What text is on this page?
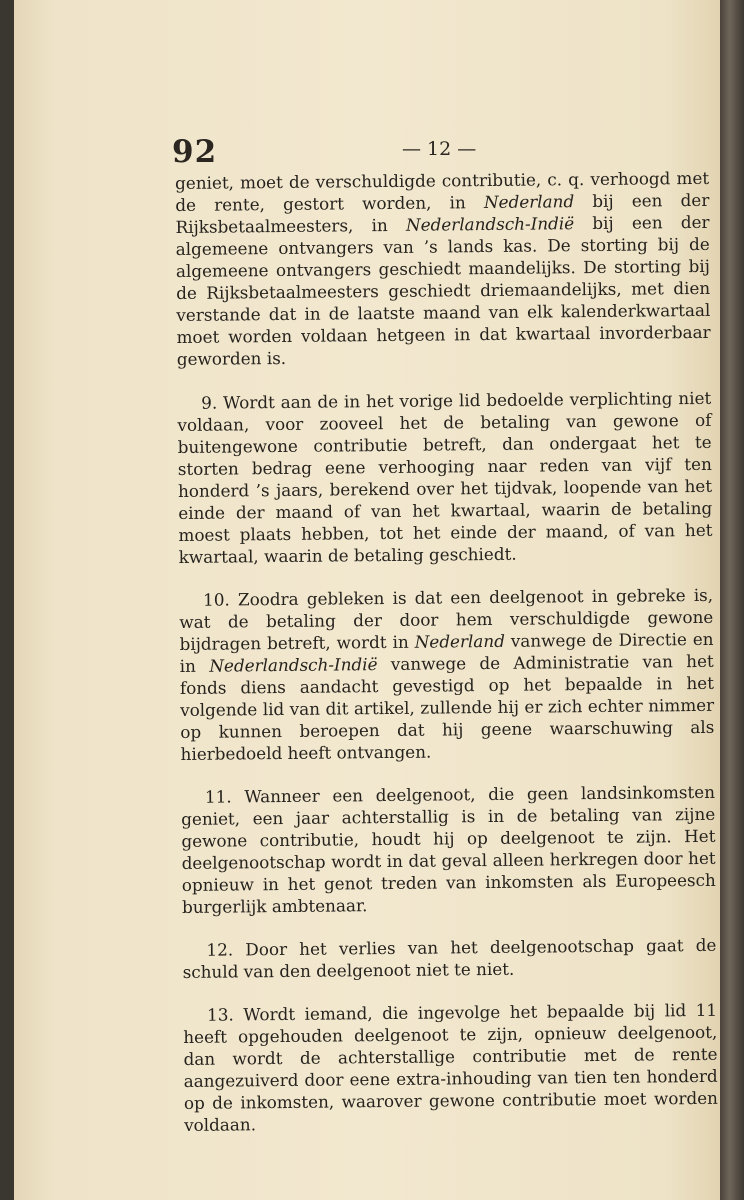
92	— 12 —

geniet, moet de verschuldigde contributie, c. q. verhoogd met de rente, gestort worden, in Nederland bij een der Rijksbetaalmeesters, in Nederlandsch-Indië bij een der algemeene ontvangers van ’s lands kas. De storting bij de algemeene ontvangers geschiedt maandelijks. De storting bij de Rijksbetaalmeesters geschiedt driemaandelijks, met dien verstande dat in de laatste maand van elk kalenderkwartaal moet worden voldaan hetgeen in dat kwartaal invorderbaar geworden is.

9. Wordt aan de in het vorige lid bedoelde verplichting niet voldaan, voor zooveel het de betaling van gewone of buitengewone contributie betreft, dan ondergaat het te storten bedrag eene verhooging naar reden van vijf ten honderd ’s jaars, berekend over het tijdvak, loopende van het einde der maand of van het kwartaal, waarin de betaling moest plaats hebben, tot het einde der maand, of van het kwartaal, waarin de betaling geschiedt.

10. Zoodra gebleken is dat een deelgenoot in gebreke is, wat de betaling der door hem verschuldigde gewone bijdragen betreft, wordt in Nederland vanwege de Directie en in Nederlandsch-Indië vanwege de Administratie van het fonds diens aandacht gevestigd op het bepaalde in het volgende lid van dit artikel, zullende hij er zich echter nimmer op kunnen beroepen dat hij geene waarschuwing als hierbedoeld heeft ontvangen.

11. Wanneer een deelgenoot, die geen landsinkomsten geniet, een jaar achterstallig is in de betaling van zijne gewone contributie, houdt hij op deelgenoot te zijn. Het deelgenootschap wordt in dat geval alleen herkregen door het opnieuw in het genot treden van inkomsten als Europeesch burgerlijk ambtenaar.

12. Door het verlies van het deelgenootschap gaat de schuld van den deelgenoot niet te niet.

13. Wordt iemand, die ingevolge het bepaalde bij lid 11 heeft opgehouden deelgenoot te zijn, opnieuw deelgenoot, dan wordt de achterstallige contributie met de rente aangezuiverd door eene extra-inhouding van tien ten honderd op de inkomsten, waarover gewone contributie moet worden voldaan.
